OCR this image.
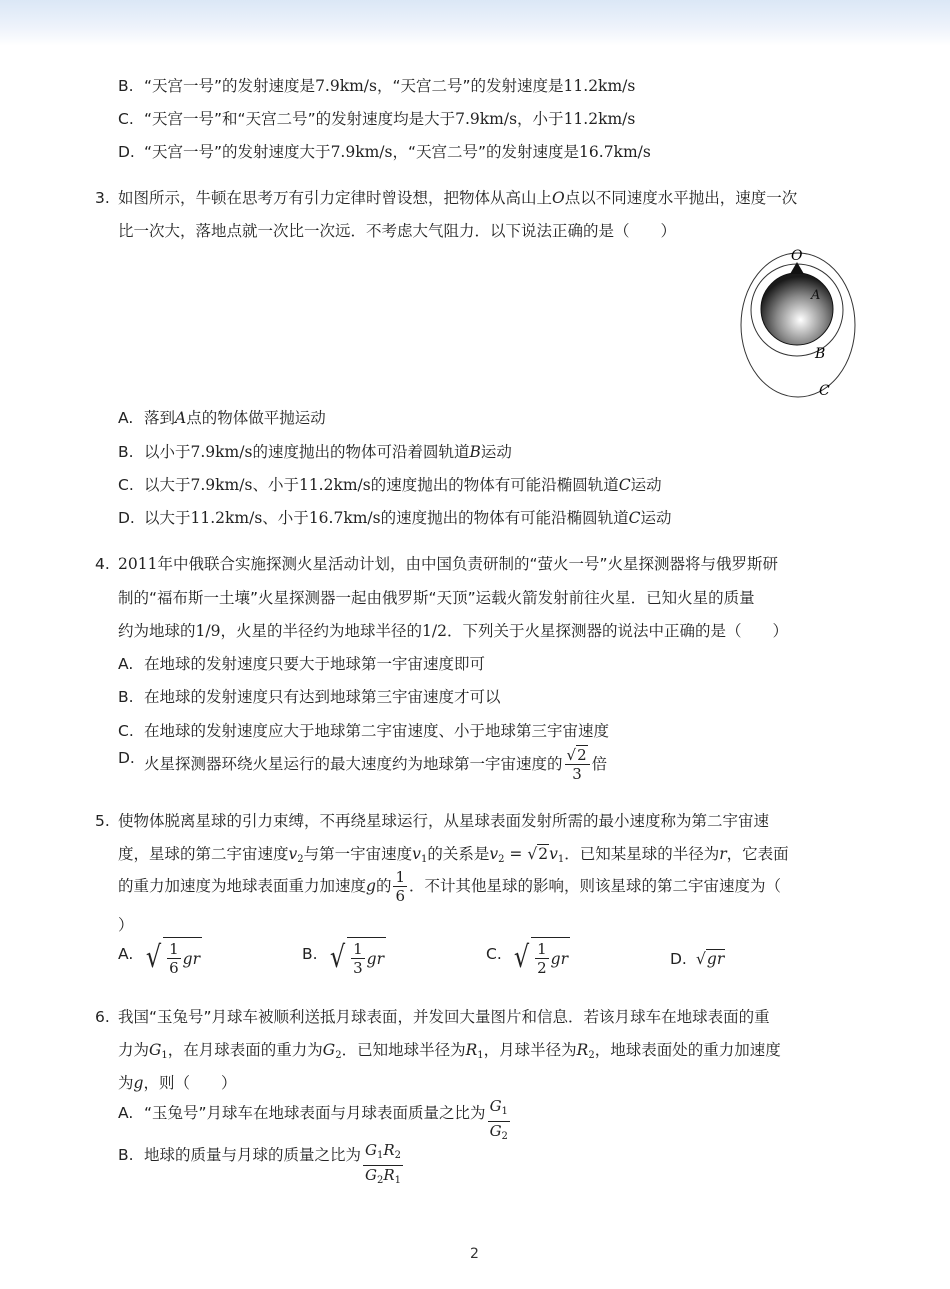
B. “天宫一号”的发射速度是7.9km/s，“天宫二号”的发射速度是11.2km/s
C. “天宫一号”和“天宫二号”的发射速度均是大于7.9km/s，小于11.2km/s
D. “天宫一号”的发射速度大于7.9km/s，“天宫二号”的发射速度是16.7km/s
3. 如图所示，牛顿在思考万有引力定律时曾设想，把物体从高山上O点以不同速度水平抛出，速度一次
比一次大，落地点就一次比一次远．不考虑大气阻力．以下说法正确的是（　　）
O
A
B
C
A. 落到A点的物体做平抛运动
B. 以小于7.9km/s的速度抛出的物体可沿着圆轨道B运动
C. 以大于7.9km/s、小于11.2km/s的速度抛出的物体有可能沿椭圆轨道C运动
D. 以大于11.2km/s、小于16.7km/s的速度抛出的物体有可能沿椭圆轨道C运动
4. 2011年中俄联合实施探测火星活动计划，由中国负责研制的“萤火一号”火星探测器将与俄罗斯研
制的“福布斯一土壤”火星探测器一起由俄罗斯“天顶”运载火箭发射前往火星．已知火星的质量
约为地球的1/9，火星的半径约为地球半径的1/2．下列关于火星探测器的说法中正确的是（　　）
A. 在地球的发射速度只要大于地球第一宇宙速度即可
B. 在地球的发射速度只有达到地球第三宇宙速度才可以
C. 在地球的发射速度应大于地球第二宇宙速度、小于地球第三宇宙速度
D. 火星探测器环绕火星运行的最大速度约为地球第一宇宙速度的 $\frac{√2}{3}$ 倍
5. 使物体脱离星球的引力束缚，不再绕星球运行，从星球表面发射所需的最小速度称为第二宇宙速
度，星球的第二宇宙速度$v_2$与第一宇宙速度$v_1$的关系是$v_2 = √2v_1$．已知某星球的半径为r，它表面
的重力加速度为地球表面重力加速度g的 $\frac{1}{6}$ ．不计其他星球的影响，则该星球的第二宇宙速度为（
）
A. √ $\frac{1}{6}$ gr	B. √ $\frac{1}{3}$ gr	C. √ $\frac{1}{2}$ gr	D. √gr
6. 我国“玉兔号”月球车被顺利送抵月球表面，并发回大量图片和信息．若该月球车在地球表面的重
力为$G_1$，在月球表面的重力为$G_2$．已知地球半径为$R_1$，月球半径为$R_2$，地球表面处的重力加速度
为g，则（　　）
A. “玉兔号”月球车在地球表面与月球表面质量之比为 $\frac{G_1}{G_2}$
B. 地球的质量与月球的质量之比为 $\frac{G_1R_2}{G_2R_1}$
2
